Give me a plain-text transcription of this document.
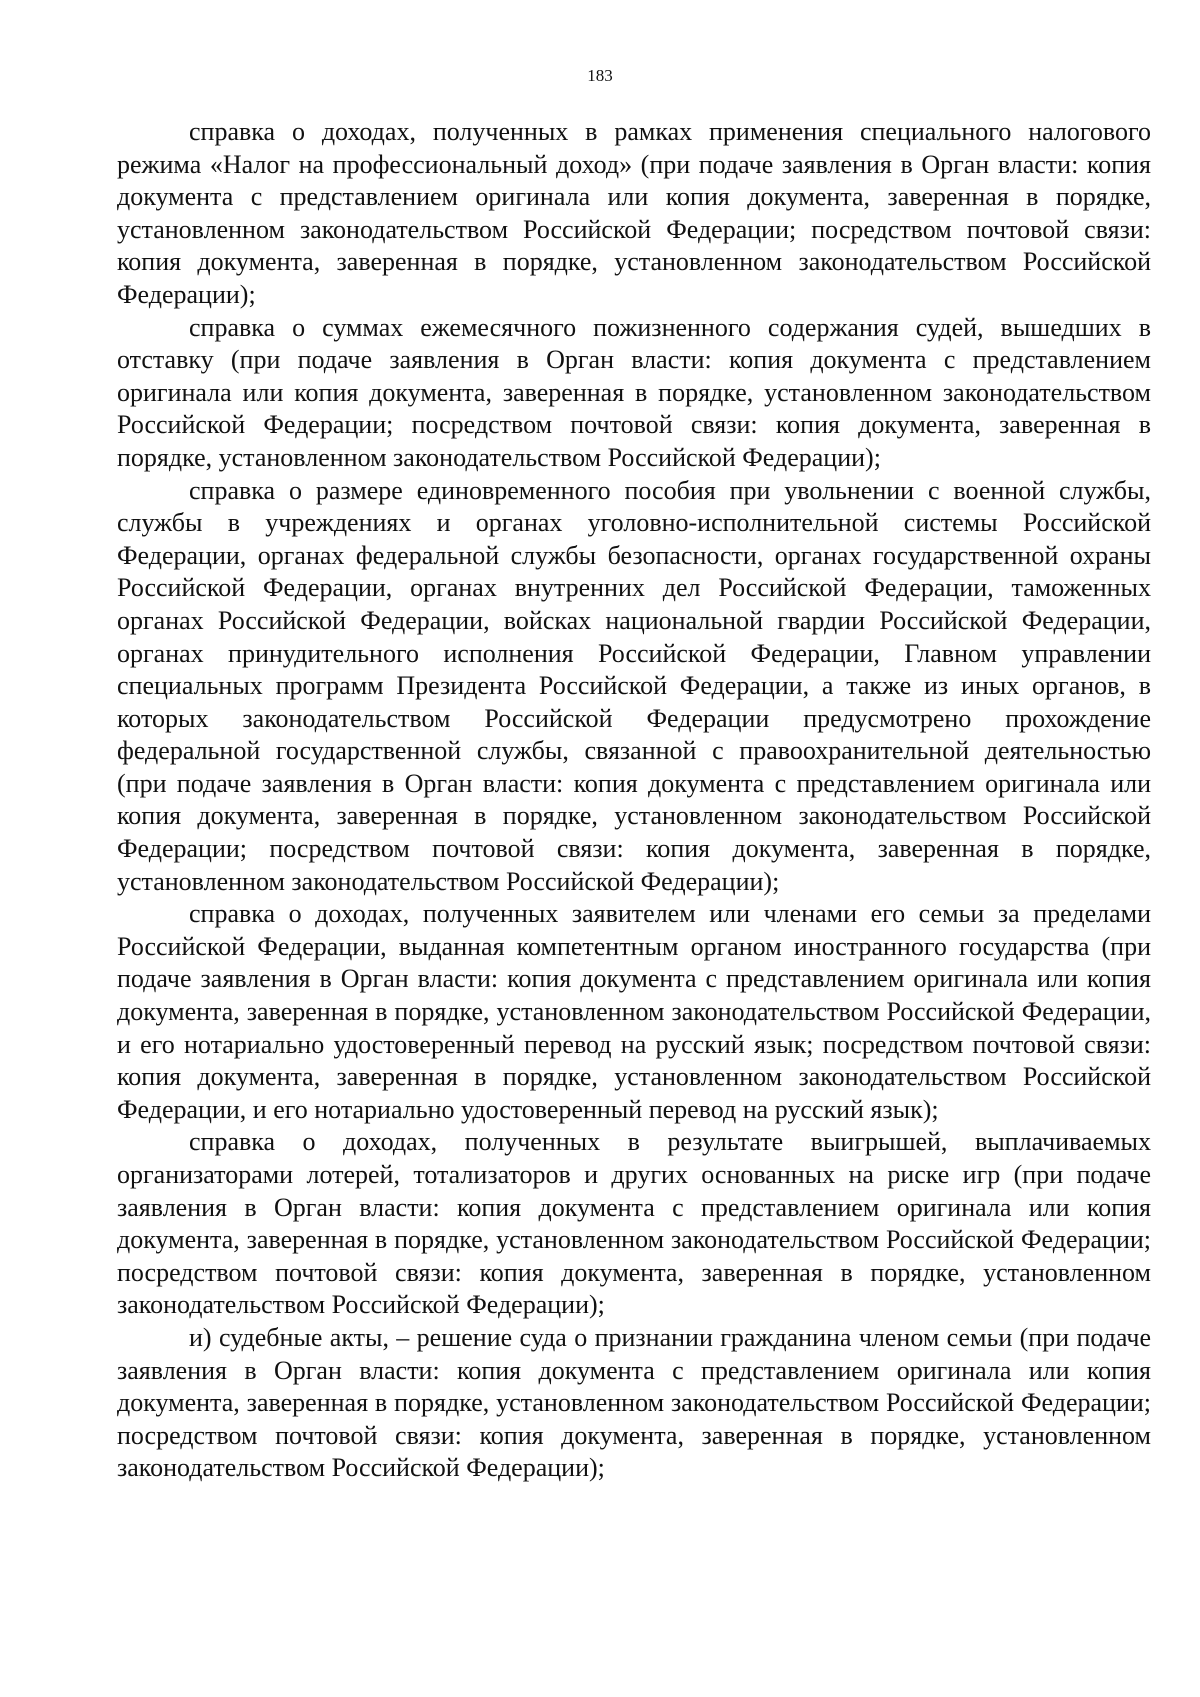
183

справка о доходах, полученных в рамках применения специального налогового режима «Налог на профессиональный доход» (при подаче заявления в Орган власти: копия документа с представлением оригинала или копия документа, заверенная в порядке, установленном законодательством Российской Федерации; посредством почтовой связи: копия документа, заверенная в порядке, установленном законодательством Российской Федерации);

справка о суммах ежемесячного пожизненного содержания судей, вышедших в отставку (при подаче заявления в Орган власти: копия документа с представлением оригинала или копия документа, заверенная в порядке, установленном законодательством Российской Федерации; посредством почтовой связи: копия документа, заверенная в порядке, установленном законодательством Российской Федерации);

справка о размере единовременного пособия при увольнении с военной службы, службы в учреждениях и органах уголовно-исполнительной системы Российской Федерации, органах федеральной службы безопасности, органах государственной охраны Российской Федерации, органах внутренних дел Российской Федерации, таможенных органах Российской Федерации, войсках национальной гвардии Российской Федерации, органах принудительного исполнения Российской Федерации, Главном управлении специальных программ Президента Российской Федерации, а также из иных органов, в которых законодательством Российской Федерации предусмотрено прохождение федеральной государственной службы, связанной с правоохранительной деятельностью (при подаче заявления в Орган власти: копия документа с представлением оригинала или копия документа, заверенная в порядке, установленном законодательством Российской Федерации; посредством почтовой связи: копия документа, заверенная в порядке, установленном законодательством Российской Федерации);

справка о доходах, полученных заявителем или членами его семьи за пределами Российской Федерации, выданная компетентным органом иностранного государства (при подаче заявления в Орган власти: копия документа с представлением оригинала или копия документа, заверенная в порядке, установленном законодательством Российской Федерации, и его нотариально удостоверенный перевод на русский язык; посредством почтовой связи: копия документа, заверенная в порядке, установленном законодательством Российской Федерации, и его нотариально удостоверенный перевод на русский язык);

справка о доходах, полученных в результате выигрышей, выплачиваемых организаторами лотерей, тотализаторов и других основанных на риске игр (при подаче заявления в Орган власти: копия документа с представлением оригинала или копия документа, заверенная в порядке, установленном законодательством Российской Федерации; посредством почтовой связи: копия документа, заверенная в порядке, установленном законодательством Российской Федерации);

и) судебные акты, – решение суда о признании гражданина членом семьи (при подаче заявления в Орган власти: копия документа с представлением оригинала или копия документа, заверенная в порядке, установленном законодательством Российской Федерации; посредством почтовой связи: копия документа, заверенная в порядке, установленном законодательством Российской Федерации);
